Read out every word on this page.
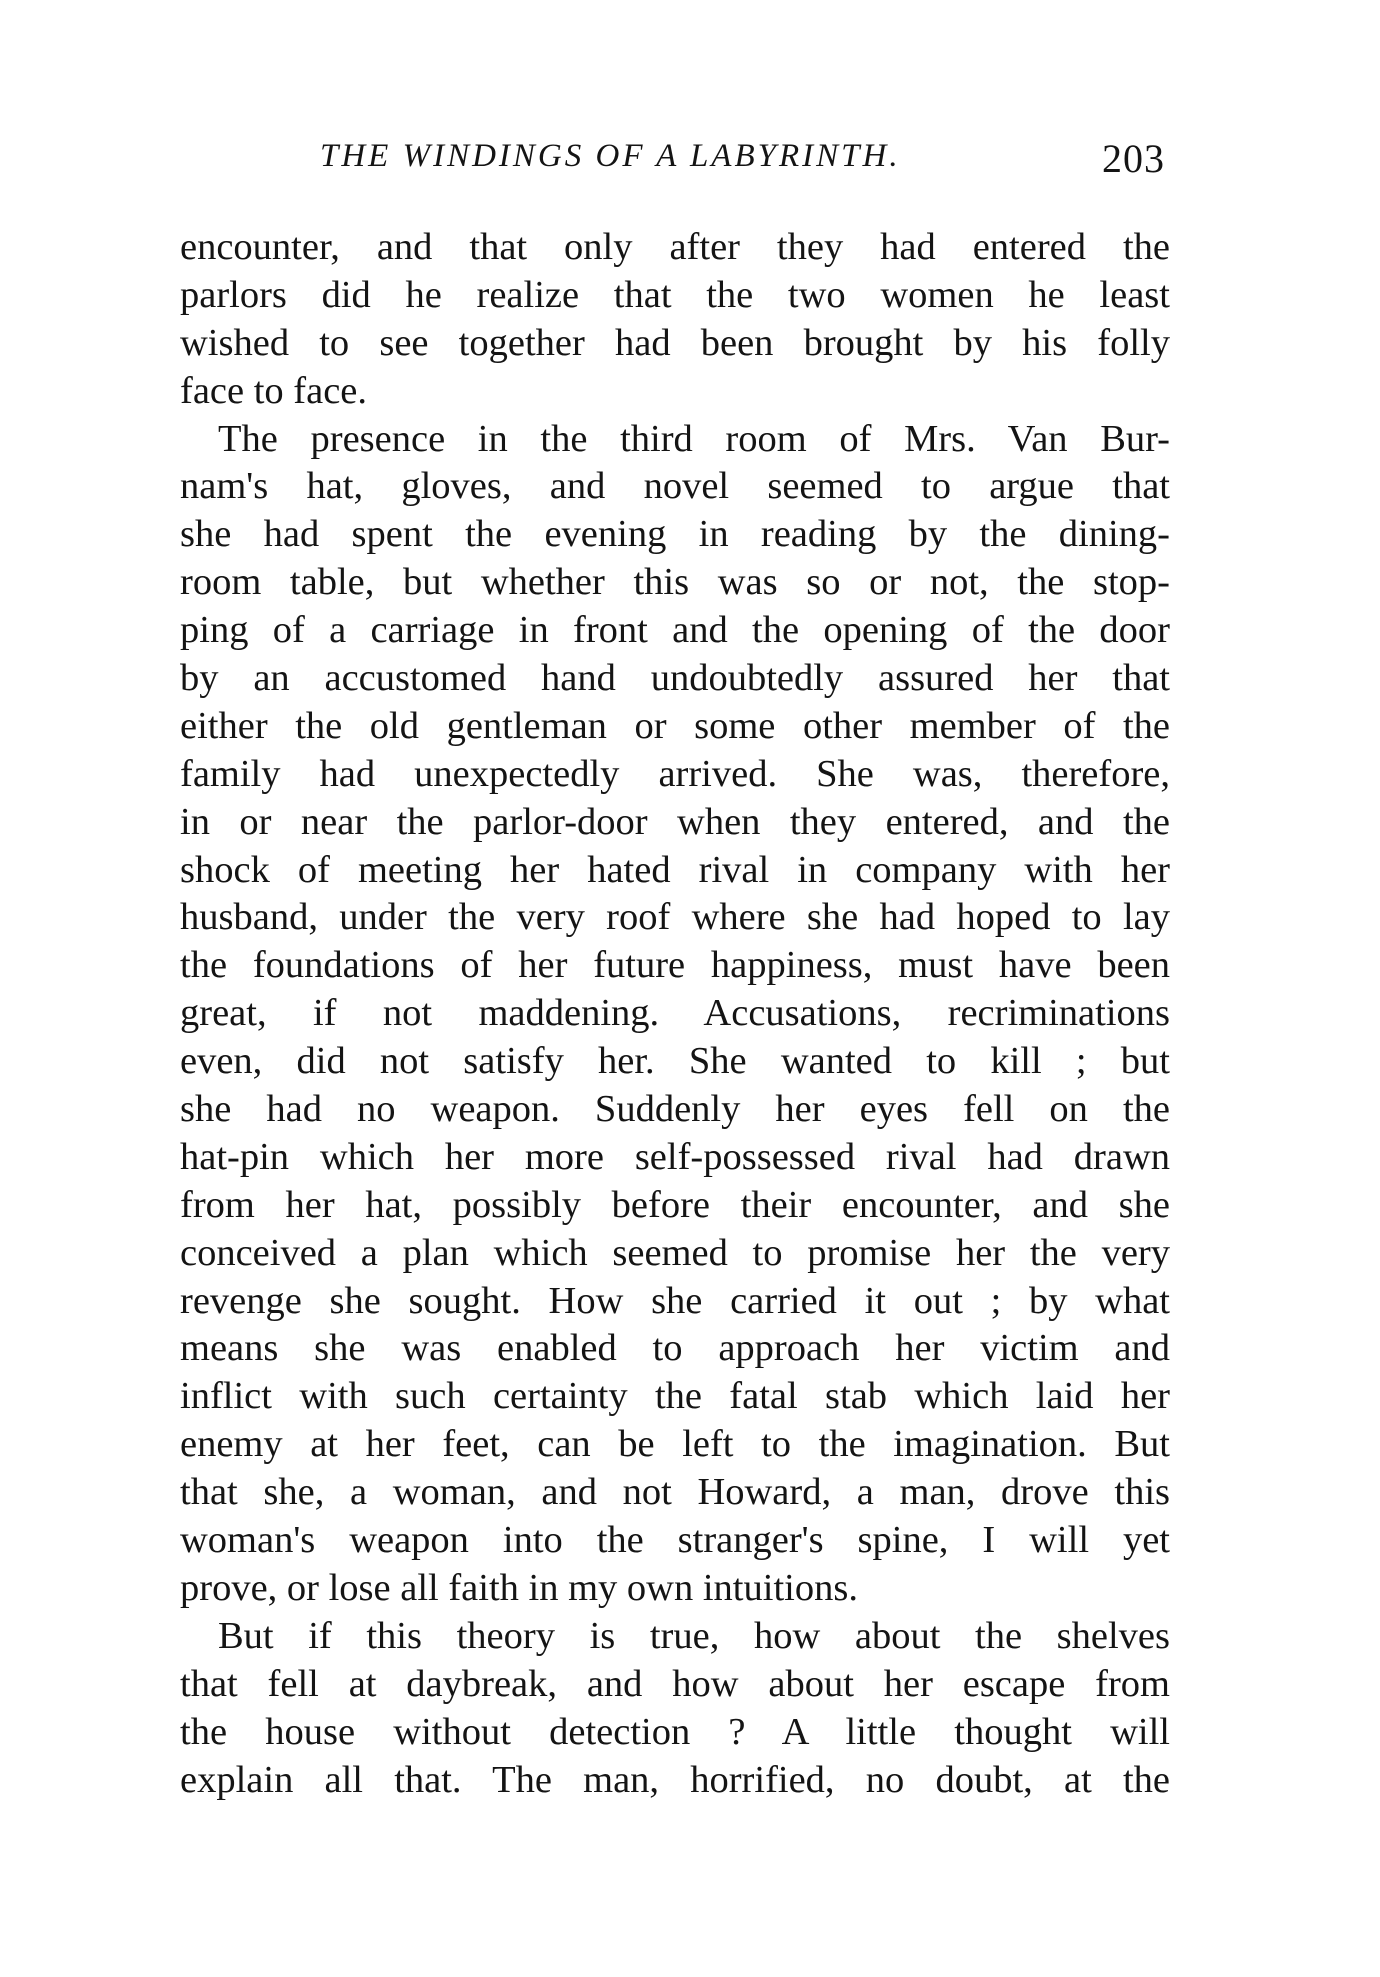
THE WINDINGS OF A LABYRINTH.	203
encounter, and that only after they had entered the
parlors did he realize that the two women he least
wished to see together had been brought by his folly
face to face.
The presence in the third room of Mrs. Van Bur-
nam's hat, gloves, and novel seemed to argue that
she had spent the evening in reading by the dining-
room table, but whether this was so or not, the stop-
ping of a carriage in front and the opening of the door
by an accustomed hand undoubtedly assured her that
either the old gentleman or some other member of the
family had unexpectedly arrived. She was, therefore,
in or near the parlor-door when they entered, and the
shock of meeting her hated rival in company with her
husband, under the very roof where she had hoped to lay
the foundations of her future happiness, must have been
great, if not maddening. Accusations, recriminations
even, did not satisfy her. She wanted to kill ; but
she had no weapon. Suddenly her eyes fell on the
hat-pin which her more self-possessed rival had drawn
from her hat, possibly before their encounter, and she
conceived a plan which seemed to promise her the very
revenge she sought. How she carried it out ; by what
means she was enabled to approach her victim and
inflict with such certainty the fatal stab which laid her
enemy at her feet, can be left to the imagination. But
that she, a woman, and not Howard, a man, drove this
woman's weapon into the stranger's spine, I will yet
prove, or lose all faith in my own intuitions.
But if this theory is true, how about the shelves
that fell at daybreak, and how about her escape from
the house without detection ? A little thought will
explain all that. The man, horrified, no doubt, at the
